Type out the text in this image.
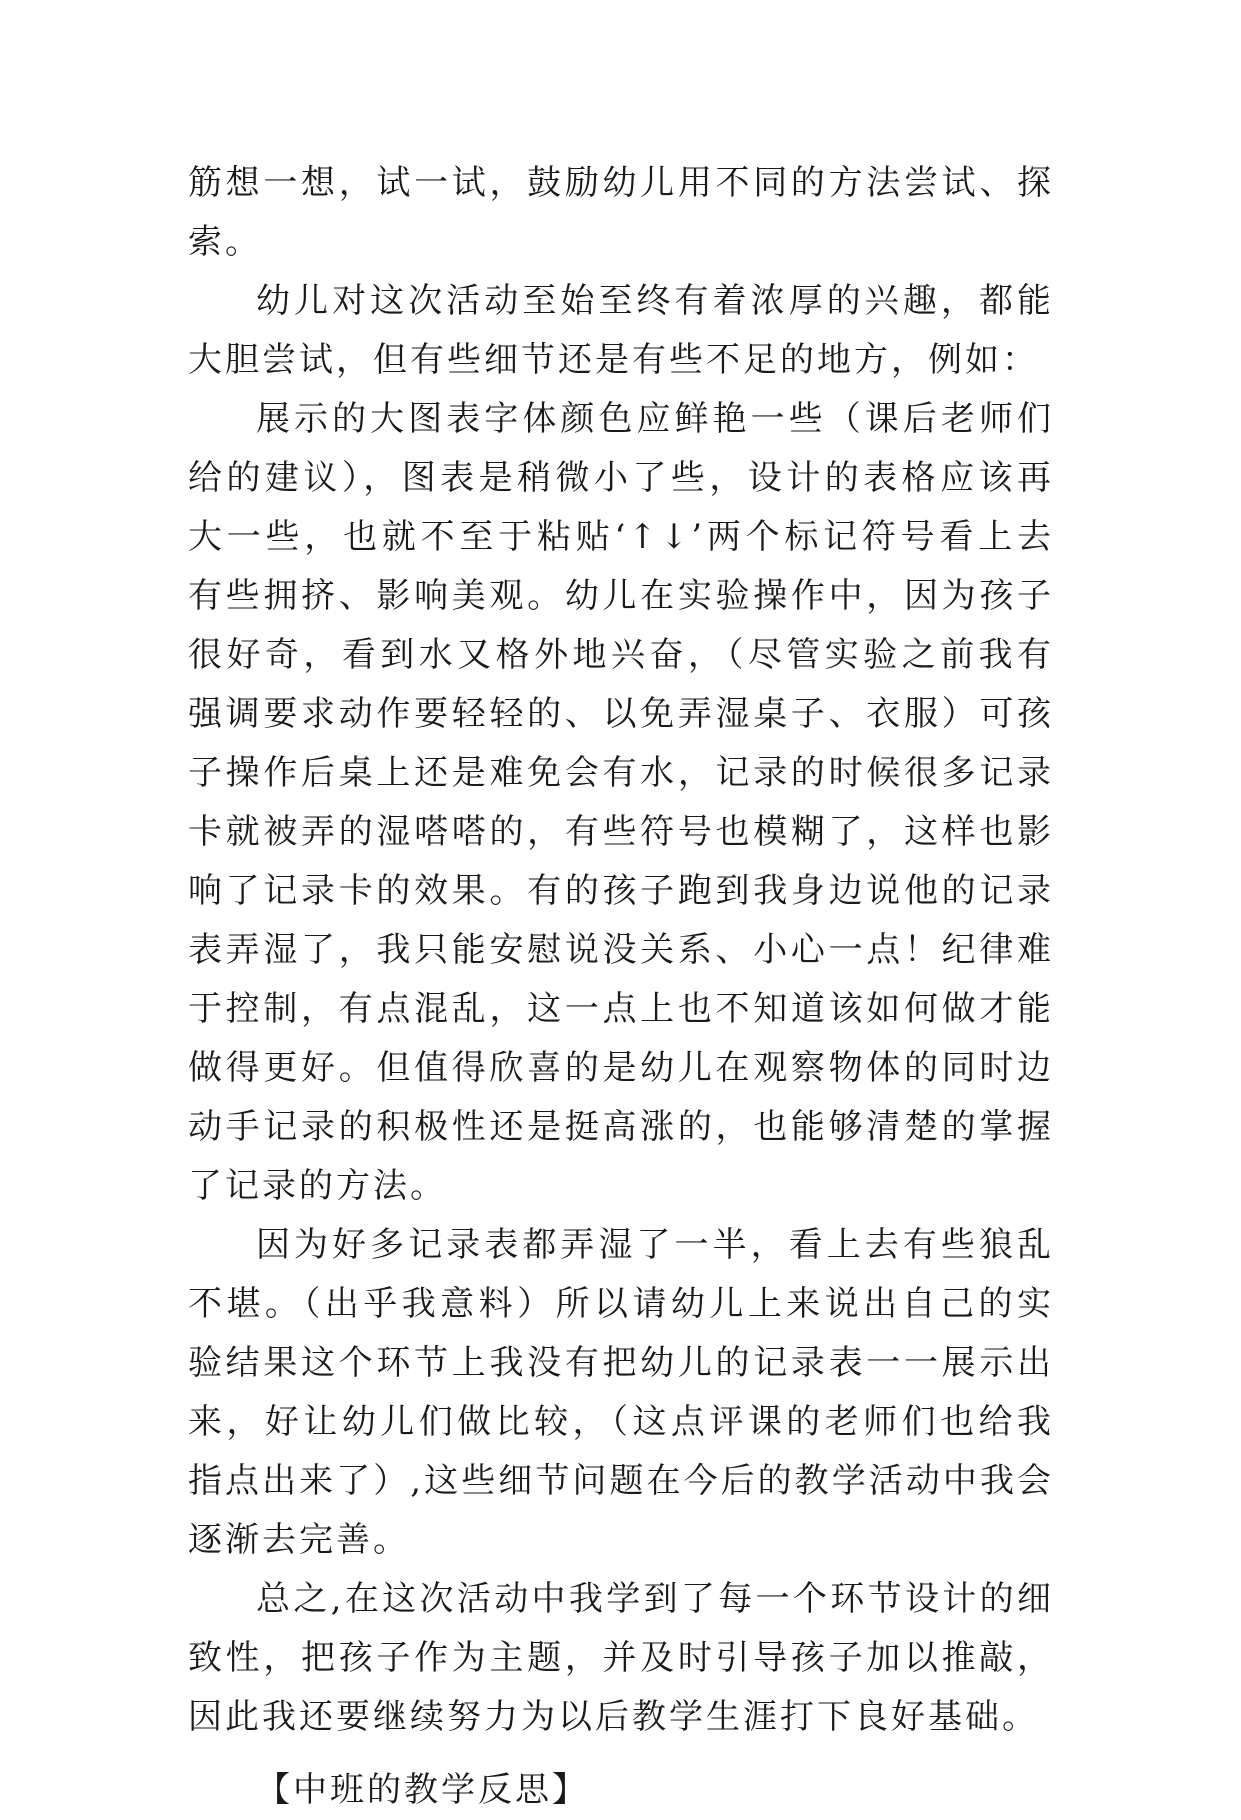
筋想一想，试一试，鼓励幼儿用不同的方法尝试、探索。

幼儿对这次活动至始至终有着浓厚的兴趣，都能大胆尝试，但有些细节还是有些不足的地方，例如：

展示的大图表字体颜色应鲜艳一些（课后老师们给的建议），图表是稍微小了些，设计的表格应该再大一些，也就不至于粘贴‘↑↓’两个标记符号看上去有些拥挤、影响美观。幼儿在实验操作中，因为孩子很好奇，看到水又格外地兴奋，（尽管实验之前我有强调要求动作要轻轻的、以免弄湿桌子、衣服）可孩子操作后桌上还是难免会有水，记录的时候很多记录卡就被弄的湿嗒嗒的，有些符号也模糊了，这样也影响了记录卡的效果。有的孩子跑到我身边说他的记录表弄湿了，我只能安慰说没关系、小心一点！纪律难于控制，有点混乱，这一点上也不知道该如何做才能做得更好。但值得欣喜的是幼儿在观察物体的同时边动手记录的积极性还是挺高涨的，也能够清楚的掌握了记录的方法。

因为好多记录表都弄湿了一半，看上去有些狼乱不堪。（出乎我意料）所以请幼儿上来说出自己的实验结果这个环节上我没有把幼儿的记录表一一展示出来，好让幼儿们做比较，（这点评课的老师们也给我指点出来了）,这些细节问题在今后的教学活动中我会逐渐去完善。

总之,在这次活动中我学到了每一个环节设计的细致性，把孩子作为主题，并及时引导孩子加以推敲，因此我还要继续努力为以后教学生涯打下良好基础。

【中班的教学反思】
